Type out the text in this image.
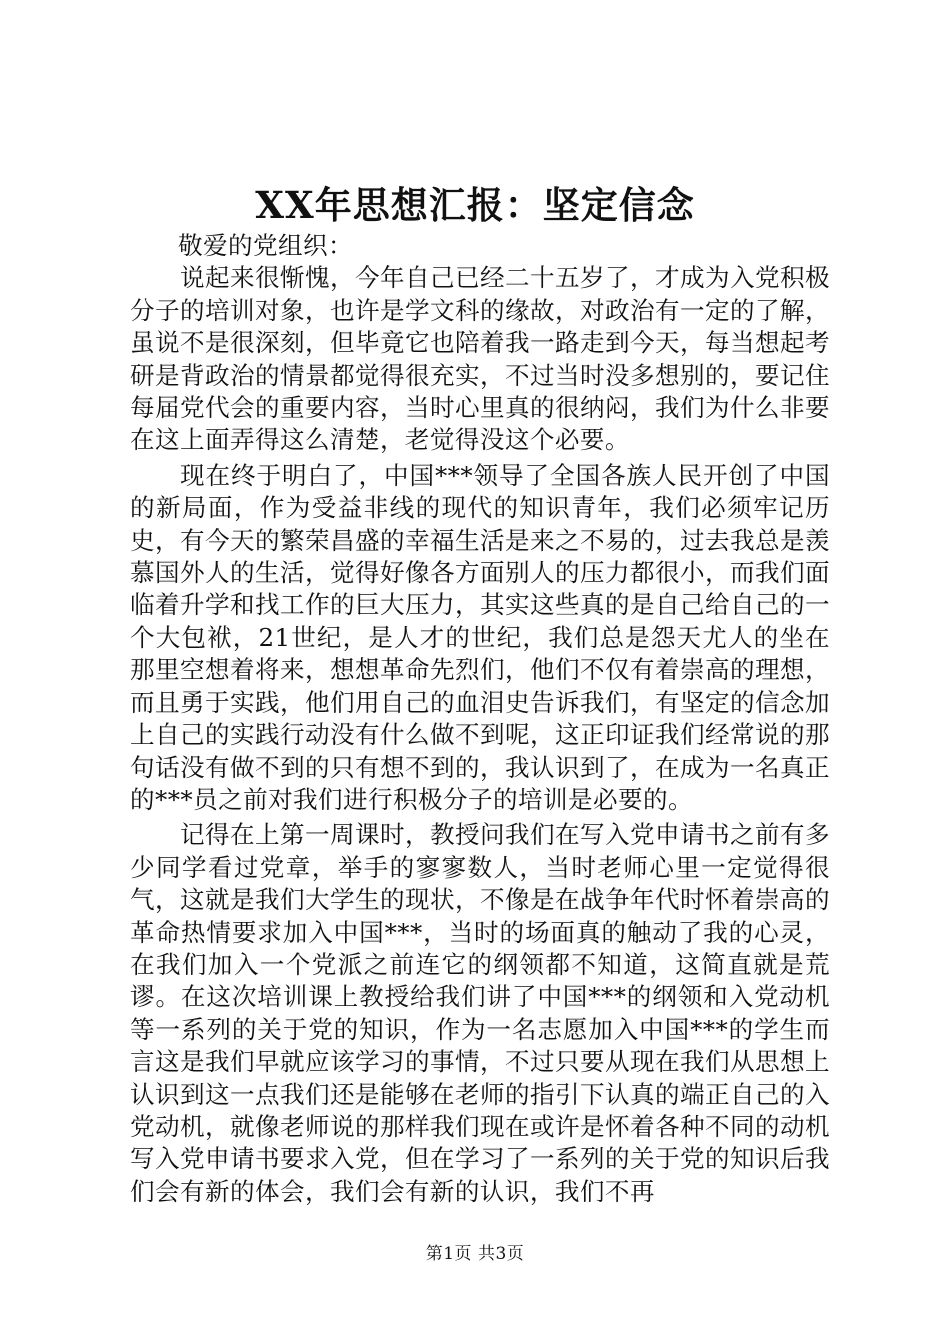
XX年思想汇报：坚定信念

敬爱的党组织：

说起来很惭愧，今年自己已经二十五岁了，才成为入党积极分子的培训对象，也许是学文科的缘故，对政治有一定的了解，虽说不是很深刻，但毕竟它也陪着我一路走到今天，每当想起考研是背政治的情景都觉得很充实，不过当时没多想别的，要记住每届党代会的重要内容，当时心里真的很纳闷，我们为什么非要在这上面弄得这么清楚，老觉得没这个必要。

现在终于明白了，中国***领导了全国各族人民开创了中国的新局面，作为受益非线的现代的知识青年，我们必须牢记历史，有今天的繁荣昌盛的幸福生活是来之不易的，过去我总是羡慕国外人的生活，觉得好像各方面别人的压力都很小，而我们面临着升学和找工作的巨大压力，其实这些真的是自己给自己的一个大包袱，21世纪，是人才的世纪，我们总是怨天尤人的坐在那里空想着将来，想想革命先烈们，他们不仅有着崇高的理想，而且勇于实践，他们用自己的血泪史告诉我们，有坚定的信念加上自己的实践行动没有什么做不到呢，这正印证我们经常说的那句话没有做不到的只有想不到的，我认识到了，在成为一名真正的***员之前对我们进行积极分子的培训是必要的。

记得在上第一周课时，教授问我们在写入党申请书之前有多少同学看过党章，举手的寥寥数人，当时老师心里一定觉得很气，这就是我们大学生的现状，不像是在战争年代时怀着崇高的革命热情要求加入中国***，当时的场面真的触动了我的心灵，在我们加入一个党派之前连它的纲领都不知道，这简直就是荒谬。在这次培训课上教授给我们讲了中国***的纲领和入党动机等一系列的关于党的知识，作为一名志愿加入中国***的学生而言这是我们早就应该学习的事情，不过只要从现在我们从思想上认识到这一点我们还是能够在老师的指引下认真的端正自己的入党动机，就像老师说的那样我们现在或许是怀着各种不同的动机写入党申请书要求入党，但在学习了一系列的关于党的知识后我们会有新的体会，我们会有新的认识，我们不再

第1页 共3页
